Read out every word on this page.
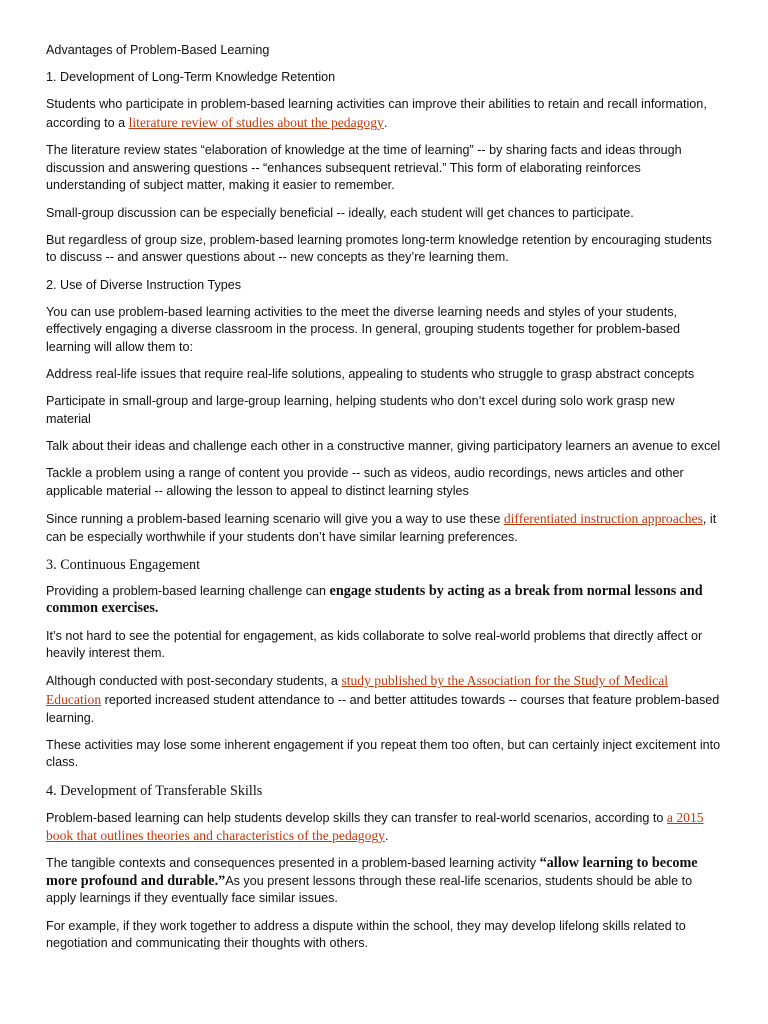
Advantages of Problem-Based Learning

1. Development of Long-Term Knowledge Retention

Students who participate in problem-based learning activities can improve their abilities to retain and recall information, according to a literature review of studies about the pedagogy.

The literature review states “elaboration of knowledge at the time of learning” -- by sharing facts and ideas through discussion and answering questions -- “enhances subsequent retrieval.” This form of elaborating reinforces understanding of subject matter, making it easier to remember.

Small-group discussion can be especially beneficial -- ideally, each student will get chances to participate.

But regardless of group size, problem-based learning promotes long-term knowledge retention by encouraging students to discuss -- and answer questions about -- new concepts as they’re learning them.

2. Use of Diverse Instruction Types

You can use problem-based learning activities to the meet the diverse learning needs and styles of your students, effectively engaging a diverse classroom in the process. In general, grouping students together for problem-based learning will allow them to:

Address real-life issues that require real-life solutions, appealing to students who struggle to grasp abstract concepts

Participate in small-group and large-group learning, helping students who don’t excel during solo work grasp new material

Talk about their ideas and challenge each other in a constructive manner, giving participatory learners an avenue to excel

Tackle a problem using a range of content you provide -- such as videos, audio recordings, news articles and other applicable material -- allowing the lesson to appeal to distinct learning styles

Since running a problem-based learning scenario will give you a way to use these differentiated instruction approaches, it can be especially worthwhile if your students don’t have similar learning preferences.

3. Continuous Engagement

Providing a problem-based learning challenge can engage students by acting as a break from normal lessons and common exercises.

It’s not hard to see the potential for engagement, as kids collaborate to solve real-world problems that directly affect or heavily interest them.

Although conducted with post-secondary students, a study published by the Association for the Study of Medical Education reported increased student attendance to -- and better attitudes towards -- courses that feature problem-based learning.

These activities may lose some inherent engagement if you repeat them too often, but can certainly inject excitement into class.

4. Development of Transferable Skills

Problem-based learning can help students develop skills they can transfer to real-world scenarios, according to a 2015 book that outlines theories and characteristics of the pedagogy.

The tangible contexts and consequences presented in a problem-based learning activity “allow learning to become more profound and durable.”As you present lessons through these real-life scenarios, students should be able to apply learnings if they eventually face similar issues.

For example, if they work together to address a dispute within the school, they may develop lifelong skills related to negotiation and communicating their thoughts with others.
